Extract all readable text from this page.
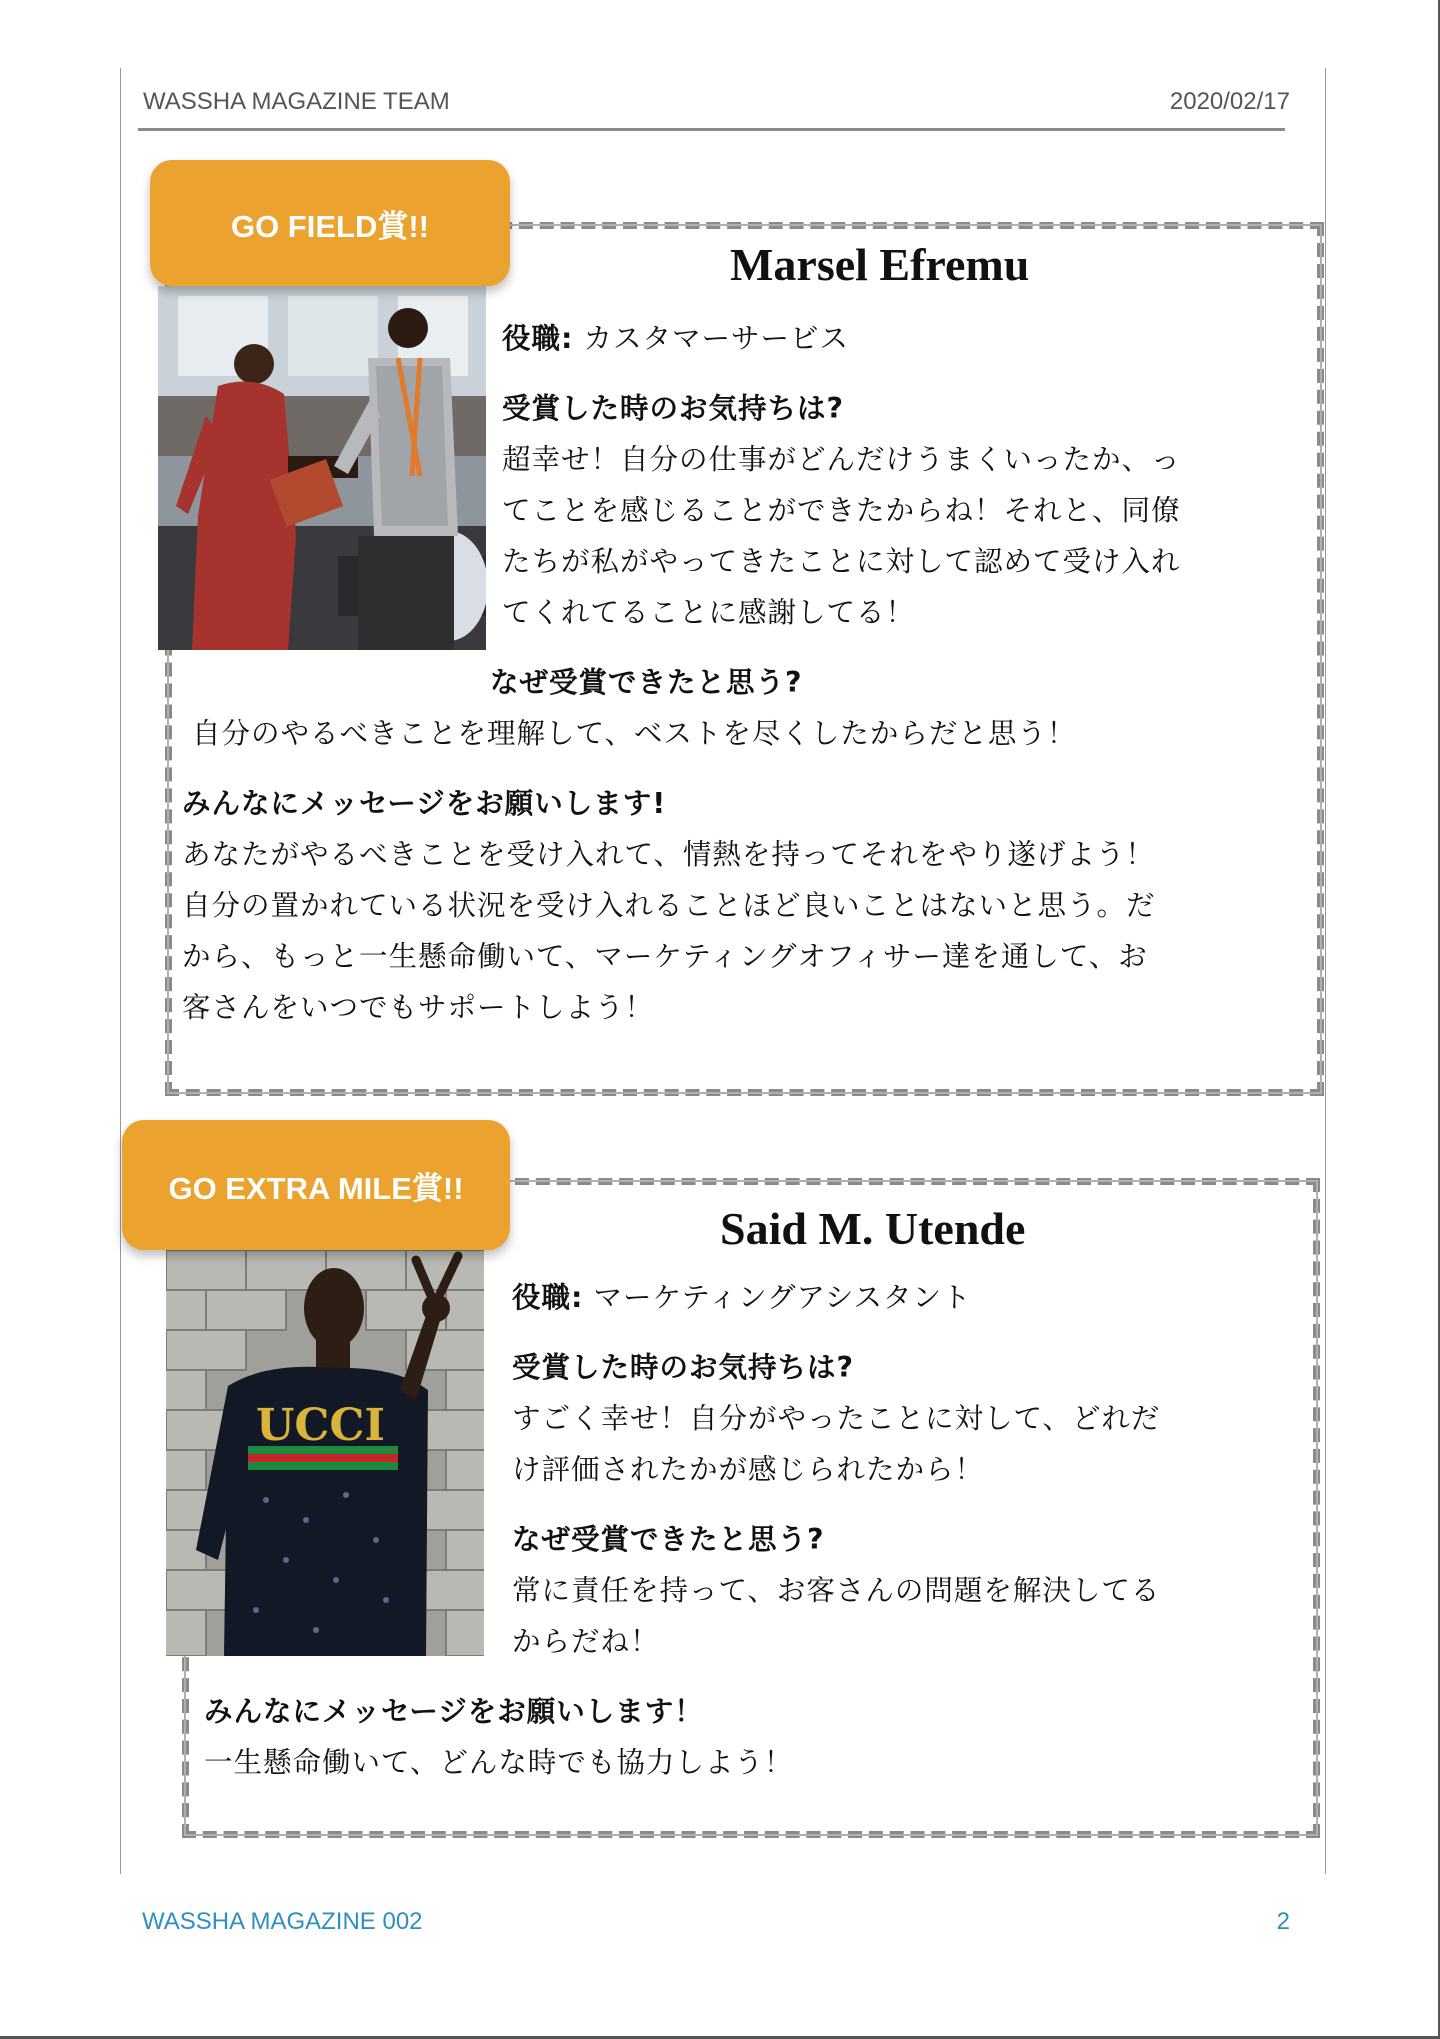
WASSHA MAGAZINE TEAM	2020/02/17
GO FIELD賞!!
Marsel Efremu
役職: カスタマーサービス
受賞した時のお気持ちは?
超幸せ！自分の仕事がどんだけうまくいったか、っ
てことを感じることができたからね！それと、同僚
たちが私がやってきたことに対して認めて受け入れ
てくれてることに感謝してる！
なぜ受賞できたと思う?
自分のやるべきことを理解して、ベストを尽くしたからだと思う！
みんなにメッセージをお願いします!
あなたがやるべきことを受け入れて、情熱を持ってそれをやり遂げよう！
自分の置かれている状況を受け入れることほど良いことはないと思う。だ
から、もっと一生懸命働いて、マーケティングオフィサー達を通して、お
客さんをいつでもサポートしよう！
UCCI
GO EXTRA MILE賞!!
Said M. Utende
役職: マーケティングアシスタント
受賞した時のお気持ちは?
すごく幸せ！自分がやったことに対して、どれだ
け評価されたかが感じられたから！
なぜ受賞できたと思う?
常に責任を持って、お客さんの問題を解決してる
からだね！
みんなにメッセージをお願いします！
一生懸命働いて、どんな時でも協力しよう！
WASSHA MAGAZINE 002	2
